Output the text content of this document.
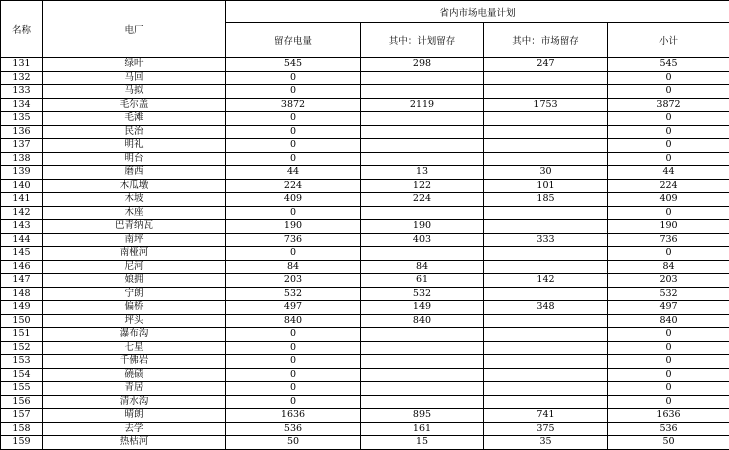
名称	电厂	省内市场电量计划			
		留存电量	其中：计划留存	其中：市场留存	小计
131	绿叶	545	298	247	545
132	马回	0			0
133	马拟	0			0
134	毛尔盖	3872	2119	1753	3872
135	毛滩	0			0
136	民治	0			0
137	明礼	0			0
138	明台	0			0
139	磨西	44	13	30	44
140	木瓜墩	224	122	101	224
141	木坡	409	224	185	409
142	木座	0			0
143	巴青纳瓦	190	190		190
144	南坪	736	403	333	736
145	南桠河	0			0
146	尼河	84	84		84
147	娘拥	203	61	142	203
148	宁朗	532	532		532
149	偏桥	497	149	348	497
150	坪头	840	840		840
151	瀑布沟	0			0
152	七星	0			0
153	千佛岩	0			0
154	磽碛	0			0
155	青居	0			0
156	清水沟	0			0
157	晴朗	1636	895	741	1636
158	去学	536	161	375	536
159	热枯河	50	15	35	50
